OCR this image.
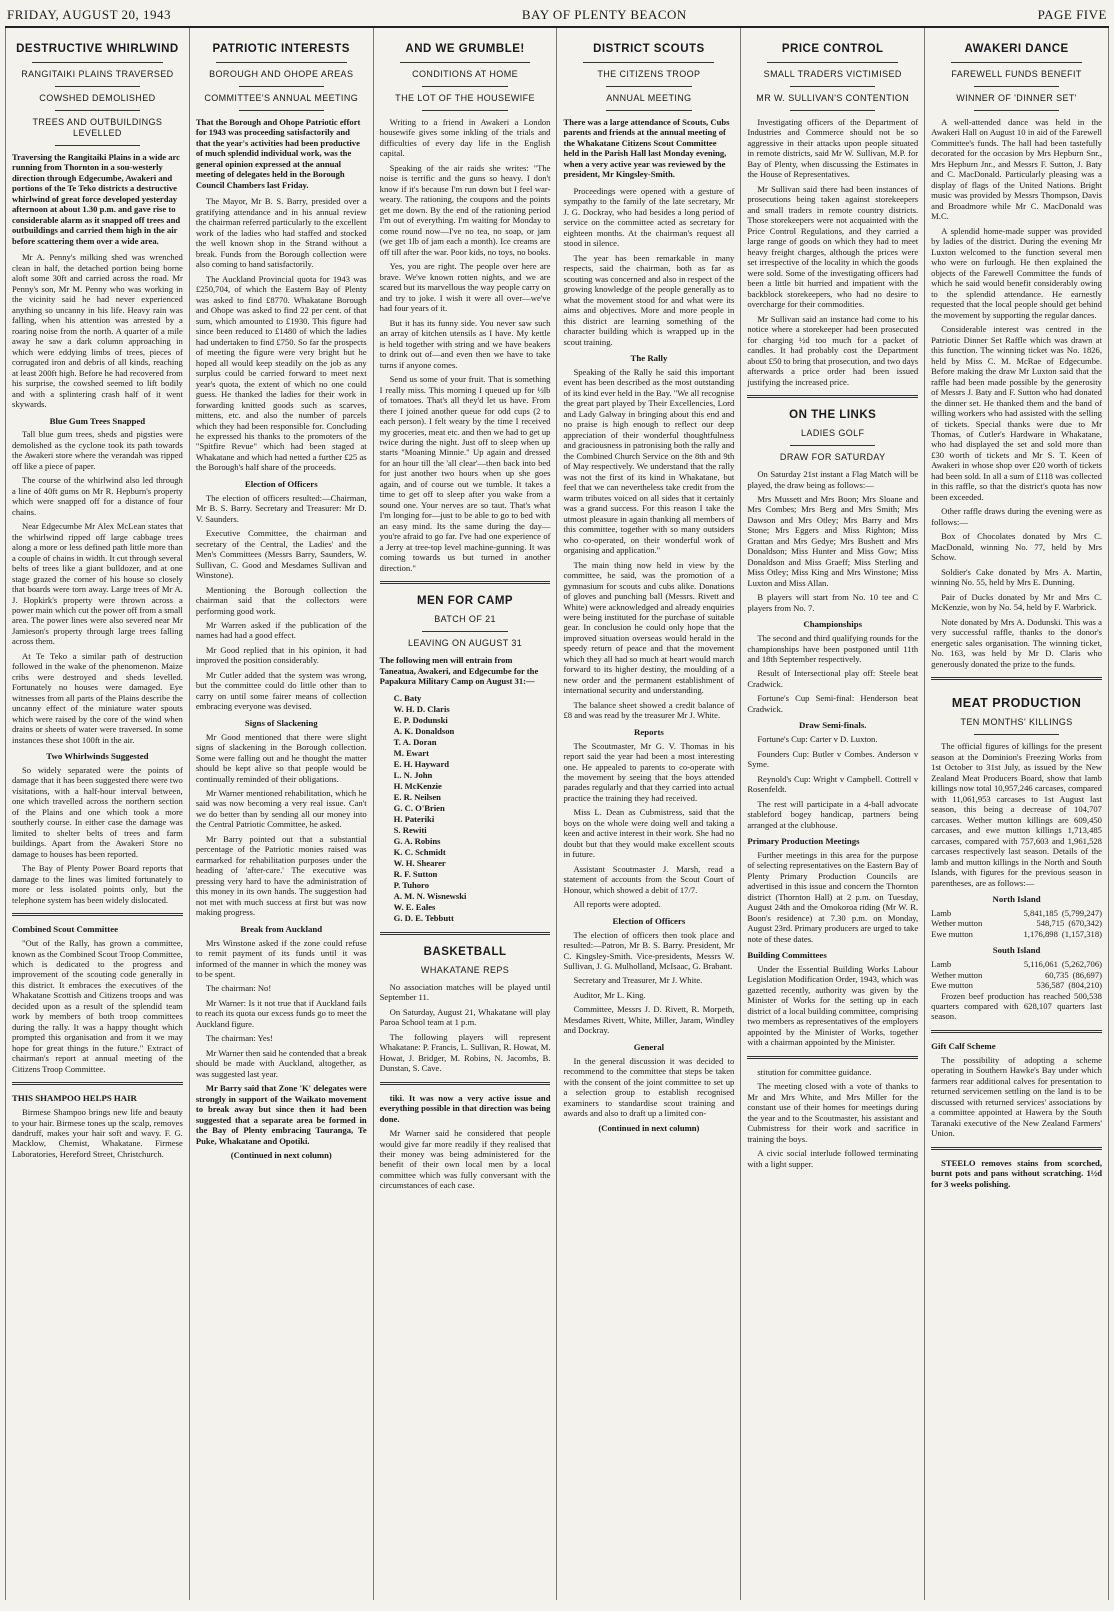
FRIDAY, AUGUST 20, 1943	BAY OF PLENTY BEACON	PAGE FIVE
DESTRUCTIVE WHIRLWIND
RANGITAIKI PLAINS TRAVERSED
COWSHED DEMOLISHED
TREES AND OUTBUILDINGS LEVELLED
Traversing the Rangitaiki Plains in a wide arc running from Thornton in a sou-westerly direction through Edgecumbe, Awakeri and portions of the Te Teko districts a destructive whirlwind of great force developed yesterday afternoon at about 1.30 p.m. and gave rise to considerable alarm as it snapped off trees and outbuildings and carried them high in the air before scattering them over a wide area.

Mr A. Penny's milking shed was wrenched clean in half, the detached portion being borne aloft some 30ft and carried across the road. Mr Penny's son, Mr M. Penny who was working in the vicinity said he had never experienced anything so uncanny in his life. Heavy rain was falling, when his attention was arrested by a roaring noise from the north. A quarter of a mile away he saw a dark column approaching in which were eddying limbs of trees, pieces of corrugated iron and debris of all kinds, reaching at least 200ft high. Before he had recovered from his surprise, the cowshed seemed to lift bodily and with a splintering crash half of it went skywards.

Blue Gum Trees Snapped

Tall blue gum trees, sheds and pigsties were demolished as the cyclone took its path towards the Awakeri store where the verandah was ripped off like a piece of paper.

The course of the whirlwind also led through a line of 40ft gums on Mr R. Hepburn's property which were snapped off for a distance of four chains.

Near Edgecumbe Mr Alex McLean states that the whirlwind ripped off large cabbage trees along a more or less defined path little more than a couple of chains in width. It cut through several belts of trees like a giant bulldozer, and at one stage grazed the corner of his house so closely that boards were torn away. Large trees of Mr A. J. Hopkirk's property were thrown across a power main which cut the power off from a small area. The power lines were also severed near Mr Jamieson's property through large trees falling across them.

At Te Teko a similar path of destruction followed in the wake of the phenomenon. Maize cribs were destroyed and sheds levelled. Fortunately no houses were damaged. Eye witnesses from all parts of the Plains describe the uncanny effect of the miniature water spouts which were raised by the core of the wind when drains or sheets of water were traversed. In some instances these shot 100ft in the air.

Two Whirlwinds Suggested

So widely separated were the points of damage that it has been suggested there were two visitations, with a half-hour interval between, one which travelled across the northern section of the Plains and one which took a more southerly course. In either case the damage was limited to shelter belts of trees and farm buildings. Apart from the Awakeri Store no damage to houses has been reported.

The Bay of Plenty Power Board reports that damage to the lines was limited fortunately to more or less isolated points only, but the telephone system has been widely dislocated.

Combined Scout Committee

"Out of the Rally, has grown a committee, known as the Combined Scout Troop Committee, which is dedicated to the progress and improvement of the scouting code generally in this district. It embraces the executives of the Whakatane Scottish and Citizens troops and was decided upon as a result of the splendid team work by members of both troop committees during the rally. It was a happy thought which prompted this organisation and from it we may hope for great things in the future." Extract of chairman's report at annual meeting of the Citizens Troop Committee.

THIS SHAMPOO HELPS HAIR

Birmese Shampoo brings new life and beauty to your hair. Birmese tones up the scalp, removes dandruff, makes your hair soft and wavy. F. G. Macklow, Chemist, Whakatane. Firmese Laboratories, Hereford Street, Christchurch.

PATRIOTIC INTERESTS
BOROUGH AND OHOPE AREAS
COMMITTEE'S ANNUAL MEETING
That the Borough and Ohope Patriotic effort for 1943 was proceeding satisfactorily and that the year's activities had been productive of much splendid individual work, was the general opinion expressed at the annual meeting of delegates held in the Borough Council Chambers last Friday.

The Mayor, Mr B. S. Barry, presided over a gratifying attendance and in his annual review the chairman referred particularly to the excellent work of the ladies who had staffed and stocked the well known shop in the Strand without a break. Funds from the Borough collection were also coming to hand satisfactorily.

The Auckland Provincial quota for 1943 was £250,704, of which the Eastern Bay of Plenty was asked to find £8770. Whakatane Borough and Ohope was asked to find 22 per cent. of that sum, which amounted to £1930. This figure had since been reduced to £1480 of which the ladies had undertaken to find £750. So far the prospects of meeting the figure were very bright but he hoped all would keep steadily on the job as any surplus could be carried forward to meet next year's quota, the extent of which no one could guess. He thanked the ladies for their work in forwarding knitted goods such as scarves, mittens, etc. and also the number of parcels which they had been responsible for. Concluding he expressed his thanks to the promoters of the "Spitfire Revue" which had been staged at Whakatane and which had netted a further £25 as the Borough's half share of the proceeds.

Election of Officers

The election of officers resulted:—Chairman, Mr B. S. Barry. Secretary and Treasurer: Mr D. V. Saunders.

Executive Committee, the chairman and secretary of the Central, the Ladies' and the Men's Committees (Messrs Barry, Saunders, W. Sullivan, C. Good and Mesdames Sullivan and Winstone).

Mentioning the Borough collection the chairman said that the collectors were performing good work.

Mr Warren asked if the publication of the names had had a good effect.

Mr Good replied that in his opinion, it had improved the position considerably.

Mr Cutler added that the system was wrong, but the committee could do little other than to carry on until some fairer means of collection embracing everyone was devised.

Signs of Slackening

Mr Good mentioned that there were slight signs of slackening in the Borough collection. Some were falling out and he thought the matter should be kept alive so that people would be continually reminded of their obligations.

Mr Warner mentioned rehabilitation, which he said was now becoming a very real issue. Can't we do better than by sending all our money into the Central Patriotic Committee, he asked.

Mr Barry pointed out that a substantial percentage of the Patriotic monies raised was earmarked for rehabilitation purposes under the heading of 'after-care.' The executive was pressing very hard to have the administration of this money in its own hands. The suggestion had not met with much success at first but was now making progress.

Break from Auckland

Mrs Winstone asked if the zone could refuse to remit payment of its funds until it was informed of the manner in which the money was to be spent.

The chairman: No!

Mr Warner: Is it not true that if Auckland fails to reach its quota our excess funds go to meet the Auckland figure.

The chairman: Yes!

Mr Warner then said he contended that a break should be made with Auckland, altogether, as was suggested last year.

Mr Barry said that Zone 'K' delegates were strongly in support of the Waikato movement to break away but since then it had been suggested that a separate area be formed in the Bay of Plenty embracing Tauranga, Te Puke, Whakatane and Opotiki.

(Continued in next column)
AND WE GRUMBLE!
CONDITIONS AT HOME
THE LOT OF THE HOUSEWIFE

Writing to a friend in Awakeri a London housewife gives some inkling of the trials and difficulties of every day life in the English capital.

Speaking of the air raids she writes: "The noise is terrific and the guns so heavy. I don't know if it's because I'm run down but I feel war-weary. The rationing, the coupons and the points get me down. By the end of the rationing period I'm out of everything. I'm waiting for Monday to come round now—I've no tea, no soap, or jam (we get 1lb of jam each a month). Ice creams are off till after the war. Poor kids, no toys, no books.

Yes, you are right. The people over here are brave. We've known rotten nights, and we are scared but its marvellous the way people carry on and try to joke. I wish it were all over—we've had four years of it.

But it has its funny side. You never saw such an array of kitchen utensils as I have. My kettle is held together with string and we have beakers to drink out of—and even then we have to take turns if anyone comes.

Send us some of your fruit. That is something I really miss. This morning I queued up for ½lb of tomatoes. That's all they'd let us have. From there I joined another queue for odd cups (2 to each person). I felt weary by the time I received my groceries, meat etc. and then we had to get up twice during the night. Just off to sleep when up starts "Moaning Minnie." Up again and dressed for an hour till the 'all clear'—then back into bed for just another two hours when up she goes again, and of course out we tumble. It takes a time to get off to sleep after you wake from a sound one. Your nerves are so taut. That's what I'm longing for—just to be able to go to bed with an easy mind. Its the same during the day—you're afraid to go far. I've had one experience of a Jerry at tree-top level machine-gunning. It was coming towards us but turned in another direction."

MEN FOR CAMP
BATCH OF 21
LEAVING ON AUGUST 31
The following men will entrain from Taneatua, Awakeri, and Edgecumbe for the Papakura Military Camp on August 31:—
C. Baty
W. H. D. Claris
E. P. Dodunski
A. K. Donaldson
T. A. Doran
M. Ewart
E. H. Hayward
L. N. John
H. McKenzie
E. R. Neilsen
G. C. O'Brien
H. Pateriki
S. Rewiti
G. A. Robins
K. C. Schmidt
W. H. Shearer
R. F. Sutton
P. Tuhoro
A. M. N. Wisnewski
W. E. Eales
G. D. E. Tebbutt
BASKETBALL
WHAKATANE REPS

No association matches will be played until September 11.

On Saturday, August 21, Whakatane will play Paroa School team at 1 p.m.

The following players will represent Whakatane: P. Francis, L. Sullivan, R. Howat, M. Howat, J. Bridger, M. Robins, N. Jacombs, B. Dunstan, S. Cave.

tiki. It was now a very active issue and everything possible in that direction was being done.

Mr Warner said he considered that people would give far more readily if they realised that their money was being administered for the benefit of their own local men by a local committee which was fully conversant with the circumstances of each case.

DISTRICT SCOUTS
THE CITIZENS TROOP
ANNUAL MEETING
There was a large attendance of Scouts, Cubs parents and friends at the annual meeting of the Whakatane Citizens Scout Committee held in the Parish Hall last Monday evening, when a very active year was reviewed by the president, Mr Kingsley-Smith.

Proceedings were opened with a gesture of sympathy to the family of the late secretary, Mr J. G. Dockray, who had besides a long period of service on the committee acted as secretary for eighteen months. At the chairman's request all stood in silence.

The year has been remarkable in many respects, said the chairman, both as far as scouting was concerned and also in respect of the growing knowledge of the people generally as to what the movement stood for and what were its aims and objectives. More and more people in this district are learning something of the character building which is wrapped up in the scout training.

The Rally

Speaking of the Rally he said this important event has been described as the most outstanding of its kind ever held in the Bay. "We all recognise the great part played by Their Excellencies, Lord and Lady Galway in bringing about this end and no praise is high enough to reflect our deep appreciation of their wonderful thoughtfulness and graciousness in patronising both the rally and the Combined Church Service on the 8th and 9th of May respectively. We understand that the rally was not the first of its kind in Whakatane, but feel that we can nevertheless take credit from the warm tributes voiced on all sides that it certainly was a grand success. For this reason I take the utmost pleasure in again thanking all members of this committee, together with so many outsiders who co-operated, on their wonderful work of organising and application."

The main thing now held in view by the committee, he said, was the promotion of a gymnasium for scouts and cubs alike. Donations of gloves and punching ball (Messrs. Rivett and White) were acknowledged and already enquiries were being instituted for the purchase of suitable gear. In conclusion he could only hope that the improved situation overseas would herald in the speedy return of peace and that the movement which they all had so much at heart would march forward to its higher destiny, the moulding of a new order and the permanent establishment of international security and understanding.

The balance sheet showed a credit balance of £8 and was read by the treasurer Mr J. White.

Reports

The Scoutmaster, Mr G. V. Thomas in his report said the year had been a most interesting one. He appealed to parents to co-operate with the movement by seeing that the boys attended parades regularly and that they carried into actual practice the training they had received.

Miss L. Dean as Cubmistress, said that the boys on the whole were doing well and taking a keen and active interest in their work. She had no doubt but that they would make excellent scouts in future.

Assistant Scoutmaster J. Marsh, read a statement of accounts from the Scout Court of Honour, which showed a debit of 17/7.

All reports were adopted.

Election of Officers

The election of officers then took place and resulted:—Patron, Mr B. S. Barry. President, Mr C. Kingsley-Smith. Vice-presidents, Messrs W. Sullivan, J. G. Mulholland, McIsaac, G. Brabant.

Secretary and Treasurer, Mr J. White.

Auditor, Mr L. King.

Committee, Messrs J. D. Rivett, R. Morpeth, Mesdames Rivett, White, Miller, Jaram, Windley and Dockray.

General

In the general discussion it was decided to recommend to the committee that steps be taken with the consent of the joint committee to set up a selection group to establish recognised examiners to standardise scout training and awards and also to draft up a limited con-

(Continued in next column)
PRICE CONTROL
SMALL TRADERS VICTIMISED
MR W. SULLIVAN'S CONTENTION

Investigating officers of the Department of Industries and Commerce should not be so aggressive in their attacks upon people situated in remote districts, said Mr W. Sullivan, M.P. for Bay of Plenty, when discussing the Estimates in the House of Representatives.

Mr Sullivan said there had been instances of prosecutions being taken against storekeepers and small traders in remote country districts. Those storekeepers were not acquainted with the Price Control Regulations, and they carried a large range of goods on which they had to meet heavy freight charges, although the prices were set irrespective of the locality in which the goods were sold. Some of the investigating officers had been a little bit hurried and impatient with the backblock storekeepers, who had no desire to overcharge for their commodities.

Mr Sullivan said an instance had come to his notice where a storekeeper had been prosecuted for charging ½d too much for a packet of candles. It had probably cost the Department about £50 to bring that prosecution, and two days afterwards a price order had been issued justifying the increased price.

ON THE LINKS
LADIES GOLF
DRAW FOR SATURDAY

On Saturday 21st instant a Flag Match will be played, the draw being as follows:—

Mrs Mussett and Mrs Boon; Mrs Sloane and Mrs Combes; Mrs Berg and Mrs Smith; Mrs Dawson and Mrs Otley; Mrs Barry and Mrs Stone; Mrs Eggers and Miss Righton; Miss Grattan and Mrs Gedye; Mrs Bushett and Mrs Donaldson; Miss Hunter and Miss Gow; Miss Donaldson and Miss Graeff; Miss Sterling and Miss Otley; Miss King and Mrs Winstone; Miss Luxton and Miss Allan.

B players will start from No. 10 tee and C players from No. 7.

Championships

The second and third qualifying rounds for the championships have been postponed until 11th and 18th September respectively.

Result of Intersectional play off: Steele beat Cradwick.

Fortune's Cup Semi-final: Henderson beat Cradwick.

Draw Semi-finals.

Fortune's Cup: Carter v D. Luxton.

Founders Cup: Butler v Combes. Anderson v Syme.

Reynold's Cup: Wright v Campbell. Cottrell v Rosenfeldt.

The rest will participate in a 4-ball advocate stableford bogey handicap, partners being arranged at the clubhouse.

Primary Production Meetings

Further meetings in this area for the purpose of selecting representatives on the Eastern Bay of Plenty Primary Production Councils are advertised in this issue and concern the Thornton district (Thornton Hall) at 2 p.m. on Tuesday, August 24th and the Omokoroa riding (Mr W. R. Boon's residence) at 7.30 p.m. on Monday, August 23rd. Primary producers are urged to take note of these dates.

Building Committees

Under the Essential Building Works Labour Legislation Modification Order, 1943, which was gazetted recently, authority was given by the Minister of Works for the setting up in each district of a local building committee, comprising two members as representatives of the employers appointed by the Minister of Works, together with a chairman appointed by the Minister.

stitution for committee guidance.

The meeting closed with a vote of thanks to Mr and Mrs White, and Mrs Miller for the constant use of their homes for meetings during the year and to the Scoutmaster, his assistant and Cubmistress for their work and sacrifice in training the boys.

A civic social interlude followed terminating with a light supper.

AWAKERI DANCE
FAREWELL FUNDS BENEFIT
WINNER OF 'DINNER SET'

A well-attended dance was held in the Awakeri Hall on August 10 in aid of the Farewell Committee's funds. The hall had been tastefully decorated for the occasion by Mrs Hepburn Snr., Mrs Hepburn Jnr., and Messrs F. Sutton, J. Baty and C. MacDonald. Particularly pleasing was a display of flags of the United Nations. Bright music was provided by Messrs Thompson, Davis and Broadmore while Mr C. MacDonald was M.C.

A splendid home-made supper was provided by ladies of the district. During the evening Mr Luxton welcomed to the function several men who were on furlough. He then explained the objects of the Farewell Committee the funds of which he said would benefit considerably owing to the splendid attendance. He earnestly requested that the local people should get behind the movement by supporting the regular dances.

Considerable interest was centred in the Patriotic Dinner Set Raffle which was drawn at this function. The winning ticket was No. 1826, held by Miss C. M. McRae of Edgecumbe. Before making the draw Mr Luxton said that the raffle had been made possible by the generosity of Messrs J. Baty and F. Sutton who had donated the dinner set. He thanked them and the band of willing workers who had assisted with the selling of tickets. Special thanks were due to Mr Thomas, of Cutler's Hardware in Whakatane, who had displayed the set and sold more than £30 worth of tickets and Mr S. T. Keen of Awakeri in whose shop over £20 worth of tickets had been sold. In all a sum of £118 was collected in this raffle, so that the district's quota has now been exceeded.

Other raffle draws during the evening were as follows:—

Box of Chocolates donated by Mrs C. MacDonald, winning No. 77, held by Mrs Schow.

Soldier's Cake donated by Mrs A. Martin, winning No. 55, held by Mrs E. Dunning.

Pair of Ducks donated by Mr and Mrs C. McKenzie, won by No. 54, held by F. Warbrick.

Note donated by Mrs A. Dodunski. This was a very successful raffle, thanks to the donor's energetic sales organisation. The winning ticket, No. 163, was held by Mr D. Claris who generously donated the prize to the funds.

MEAT PRODUCTION
TEN MONTHS' KILLINGS

The official figures of killings for the present season at the Dominion's Freezing Works from 1st October to 31st July, as issued by the New Zealand Meat Producers Board, show that lamb killings now total 10,957,246 carcases, compared with 11,061,953 carcases to 1st August last season, this being a decrease of 104,707 carcases. Wether mutton killings are 609,450 carcases, and ewe mutton killings 1,713,485 carcases, compared with 757,603 and 1,961,528 carcases respectively last season. Details of the lamb and mutton killings in the North and South Islands, with figures for the previous season in parentheses, are as follows:—

North Island
Lamb	5,841,185 (5,799,247)
Wether mutton	548,715 (670,342)
Ewe mutton	1,176,898 (1,157,318)
South Island
Lamb	5,116,061 (5,262,706)
Wether mutton	60,735 (86,697)
Ewe mutton	536,587 (804,210)

Frozen beef production has reached 500,538 quarters compared with 628,107 quarters last season.

Gift Calf Scheme

The possibility of adopting a scheme operating in Southern Hawke's Bay under which farmers rear additional calves for presentation to returned servicemen settling on the land is to be discussed with returned services' associations by a committee appointed at Hawera by the South Taranaki executive of the New Zealand Farmers' Union.

STEELO removes stains from scorched, burnt pots and pans without scratching. 1½d for 3 weeks polishing.
